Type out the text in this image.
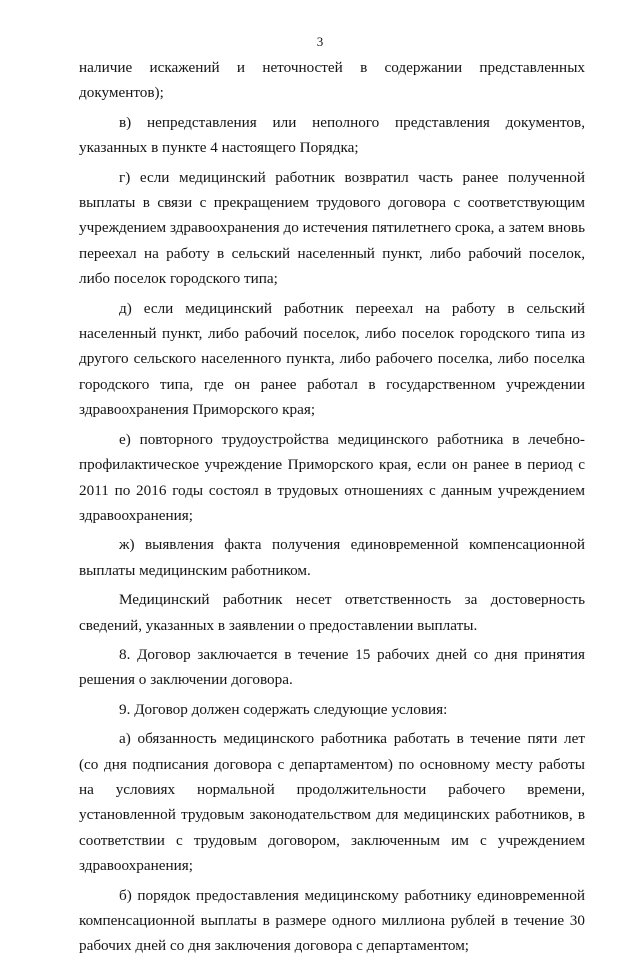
3

наличие искажений и неточностей в содержании представленных документов);

в) непредставления или неполного представления документов, указанных в пункте 4 настоящего Порядка;

г) если медицинский работник возвратил часть ранее полученной выплаты в связи с прекращением трудового договора с соответствующим учреждением здравоохранения до истечения пятилетнего срока, а затем вновь переехал на работу в сельский населенный пункт, либо рабочий поселок, либо поселок городского типа;

д) если медицинский работник переехал на работу в сельский населенный пункт, либо рабочий поселок, либо поселок городского типа из другого сельского населенного пункта, либо рабочего поселка, либо поселка городского типа, где он ранее работал в государственном учреждении здравоохранения Приморского края;

е) повторного трудоустройства медицинского работника в лечебно-профилактическое учреждение Приморского края, если он ранее в период с 2011 по 2016 годы состоял в трудовых отношениях с данным учреждением здравоохранения;

ж) выявления факта получения единовременной компенсационной выплаты медицинским работником.

Медицинский работник несет ответственность за достоверность сведений, указанных в заявлении о предоставлении выплаты.

8. Договор заключается в течение 15 рабочих дней со дня принятия решения о заключении договора.

9. Договор должен содержать следующие условия:

а) обязанность медицинского работника работать в течение пяти лет (со дня подписания договора с департаментом) по основному месту работы на условиях нормальной продолжительности рабочего времени, установленной трудовым законодательством для медицинских работников, в соответствии с трудовым договором, заключенным им с учреждением здравоохранения;

б) порядок предоставления медицинскому работнику единовременной компенсационной выплаты в размере одного миллиона рублей в течение 30 рабочих дней со дня заключения договора с департаментом;
